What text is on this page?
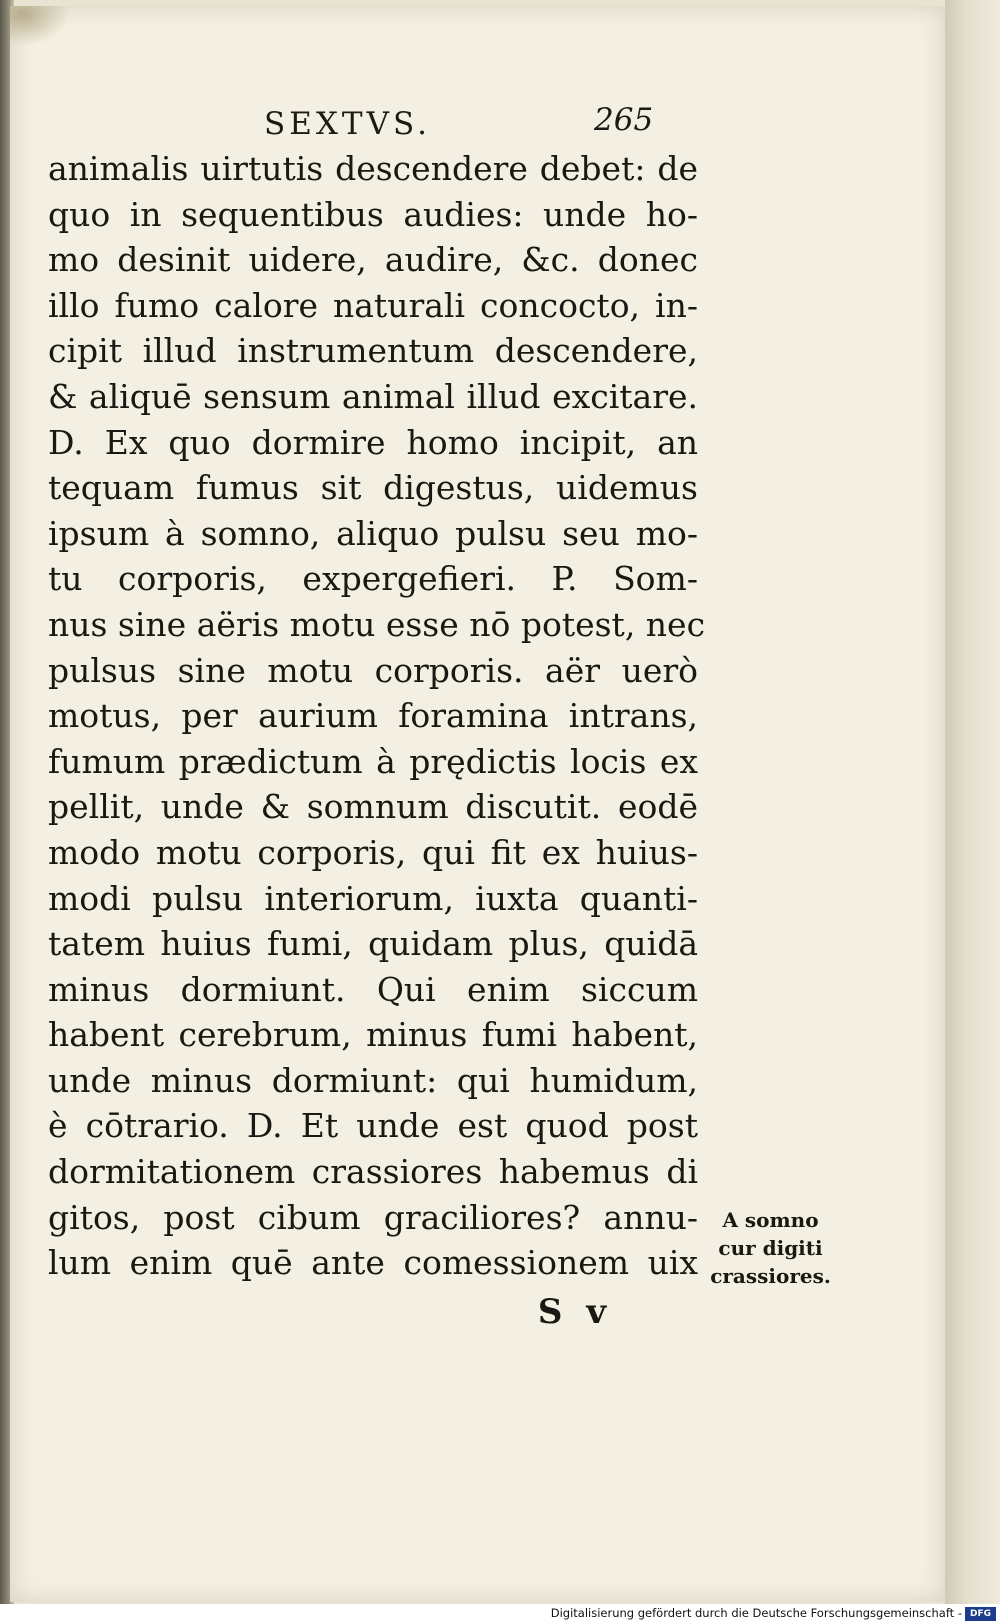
SEXTVS.	265
animalis uirtutis descendere debet: de
quo in sequentibus audies: unde ho-
mo desinit uidere, audire, &c. donec
illo fumo calore naturali concocto, in-
cipit illud instrumentum descendere,
& aliquē sensum animal illud excitare.
D. Ex quo dormire homo incipit, an
tequam fumus sit digestus, uidemus
ipsum à somno, aliquo pulsu seu mo-
tu corporis, expergefieri. P. Som-
nus sine aëris motu esse nō potest, nec
pulsus sine motu corporis. aër uerò
motus, per aurium foramina intrans,
fumum prædictum à prędictis locis ex
pellit, unde & somnum discutit. eodē
modo motu corporis, qui fit ex huius-
modi pulsu interiorum, iuxta quanti-
tatem huius fumi, quidam plus, quidā
minus dormiunt. Qui enim siccum
habent cerebrum, minus fumi habent,
unde minus dormiunt: qui humidum,
è cōtrario. D. Et unde est quod post
dormitationem crassiores habemus di
gitos, post cibum graciliores? annu-
lum enim quē ante comessionem uix
A somno
cur digiti
crassiores.
S v
Digitalisierung gefördert durch die Deutsche Forschungsgemeinschaft - DFG
